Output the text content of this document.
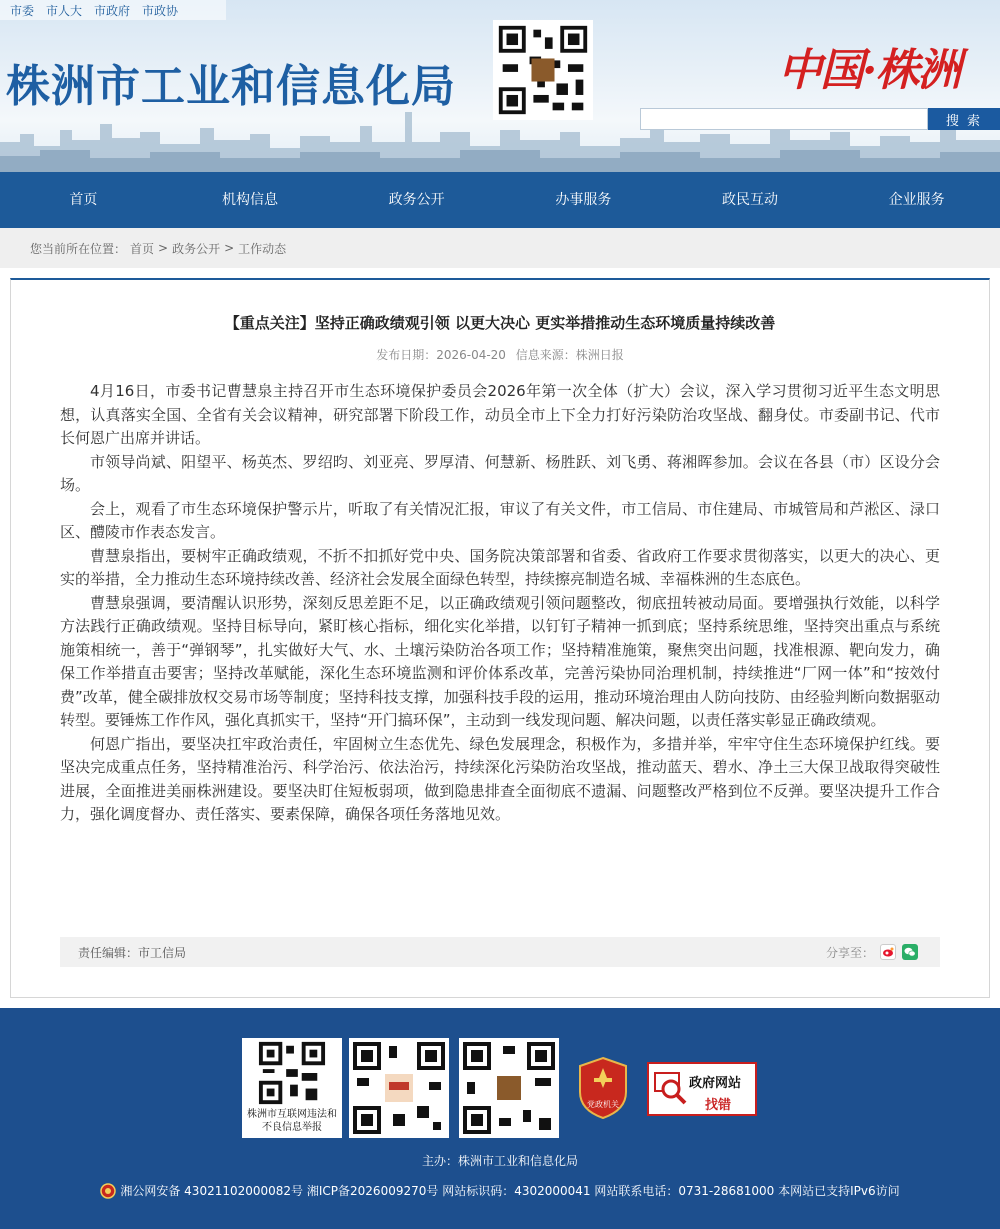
市委 市人大 市政府 市政协
株洲市工业和信息化局	中国·株洲
搜 索
首页	机构信息	政务公开	办事服务	政民互动	企业服务
您当前所在位置： 首页 > 政务公开 > 工作动态
【重点关注】坚持正确政绩观引领 以更大决心 更实举措推动生态环境质量持续改善
发布日期：2026-04-20 信息来源：株洲日报

4月16日，市委书记曹慧泉主持召开市生态环境保护委员会2026年第一次全体（扩大）会议，深入学习贯彻习近平生态文明思想，认真落实全国、全省有关会议精神，研究部署下阶段工作，动员全市上下全力打好污染防治攻坚战、翻身仗。市委副书记、代市长何恩广出席并讲话。

市领导尚斌、阳望平、杨英杰、罗绍昀、刘亚亮、罗厚清、何慧新、杨胜跃、刘飞勇、蒋湘晖参加。会议在各县（市）区设分会场。

会上，观看了市生态环境保护警示片，听取了有关情况汇报，审议了有关文件，市工信局、市住建局、市城管局和芦淞区、渌口区、醴陵市作表态发言。

曹慧泉指出，要树牢正确政绩观，不折不扣抓好党中央、国务院决策部署和省委、省政府工作要求贯彻落实，以更大的决心、更实的举措，全力推动生态环境持续改善、经济社会发展全面绿色转型，持续擦亮制造名城、幸福株洲的生态底色。

曹慧泉强调，要清醒认识形势，深刻反思差距不足，以正确政绩观引领问题整改，彻底扭转被动局面。要增强执行效能，以科学方法践行正确政绩观。坚持目标导向，紧盯核心指标，细化实化举措，以钉钉子精神一抓到底；坚持系统思维，坚持突出重点与系统施策相统一，善于“弹钢琴”，扎实做好大气、水、土壤污染防治各项工作；坚持精准施策，聚焦突出问题，找准根源、靶向发力，确保工作举措直击要害；坚持改革赋能，深化生态环境监测和评价体系改革，完善污染协同治理机制，持续推进“厂网一体”和“按效付费”改革，健全碳排放权交易市场等制度；坚持科技支撑，加强科技手段的运用，推动环境治理由人防向技防、由经验判断向数据驱动转型。要锤炼工作作风，强化真抓实干，坚持“开门搞环保”，主动到一线发现问题、解决问题，以责任落实彰显正确政绩观。

何恩广指出，要坚决扛牢政治责任，牢固树立生态优先、绿色发展理念，积极作为，多措并举，牢牢守住生态环境保护红线。要坚决完成重点任务，坚持精准治污、科学治污、依法治污，持续深化污染防治攻坚战，推动蓝天、碧水、净土三大保卫战取得突破性进展，全面推进美丽株洲建设。要坚决盯住短板弱项，做到隐患排查全面彻底不遗漏、问题整改严格到位不反弹。要坚决提升工作合力，强化调度督办、责任落实、要素保障，确保各项任务落地见效。

责任编辑：市工信局	分享至：
株洲市互联网违法和不良信息举报
党政机关
政府网站
找错
主办：株洲市工业和信息化局
湘公网安备 43021102000082号 湘ICP备2026009270号 网站标识码：4302000041 网站联系电话：0731-28681000 本网站已支持IPv6访问
